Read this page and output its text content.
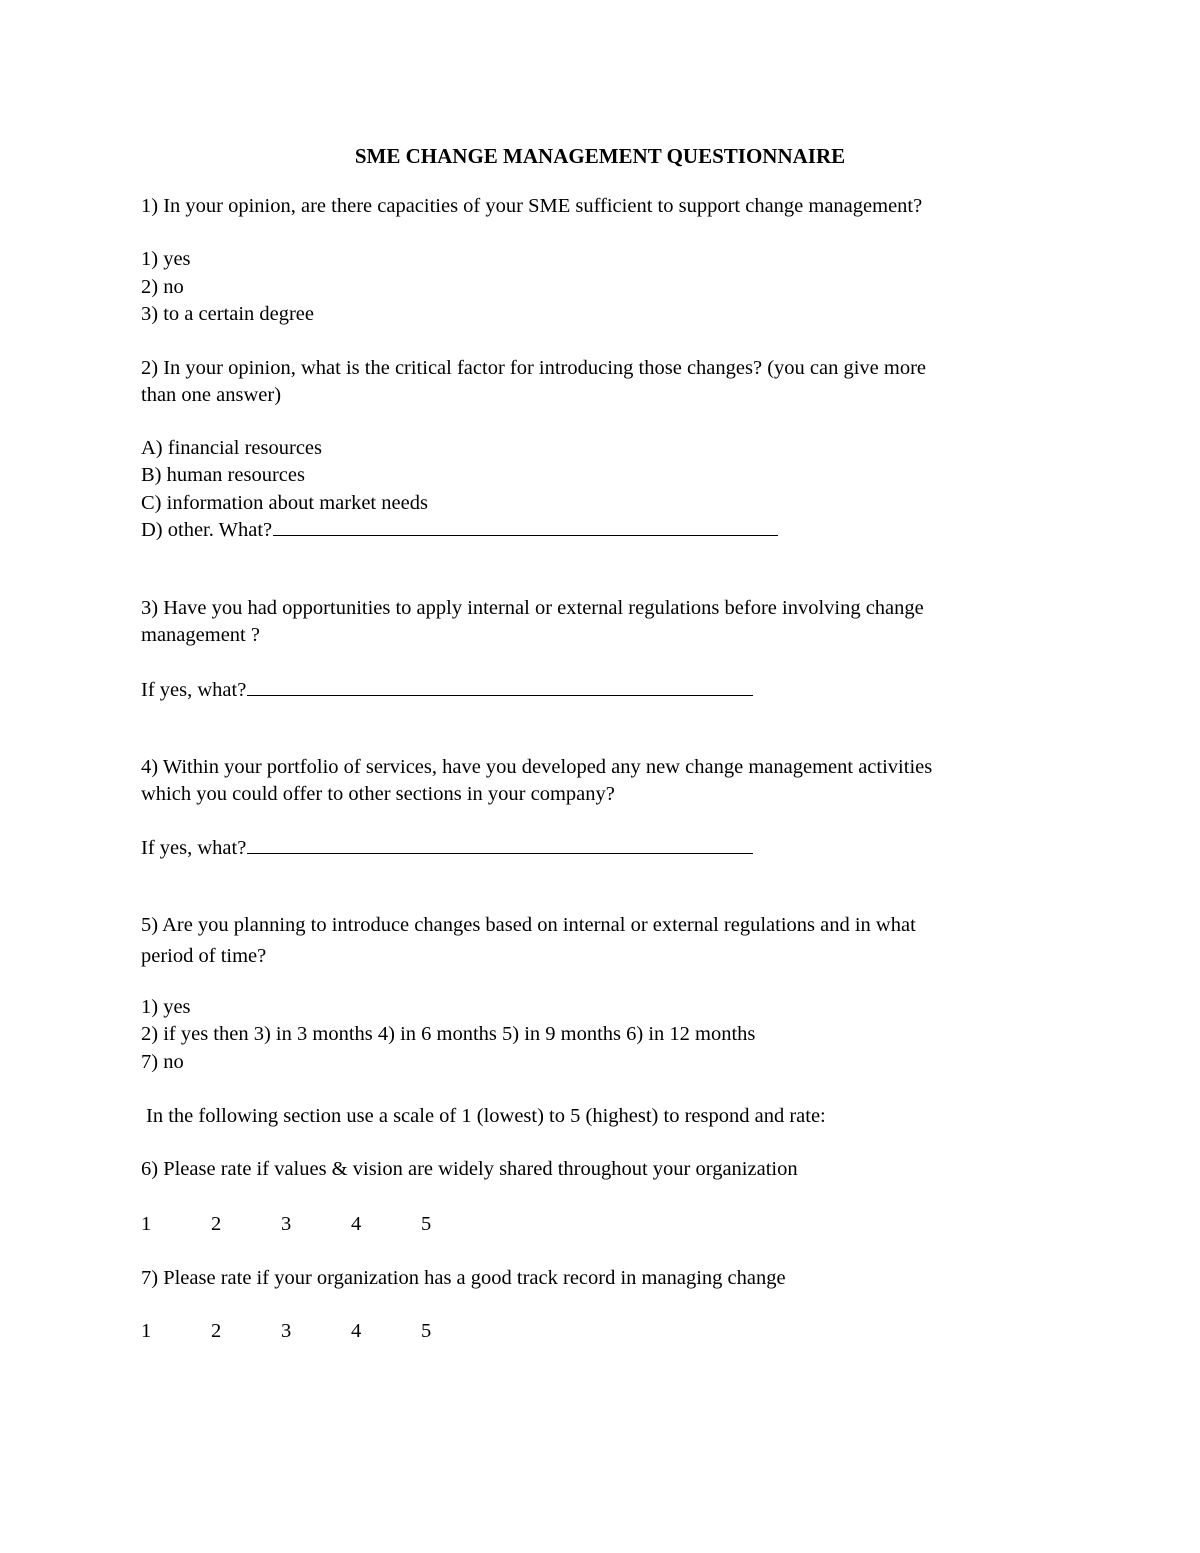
SME CHANGE MANAGEMENT QUESTIONNAIRE
1) In your opinion, are there capacities of your SME sufficient to support change management?
1) yes
2) no
3) to a certain degree
2) In your opinion, what is the critical factor for introducing those changes? (you can give more
than one answer)
A) financial resources
B) human resources
C) information about market needs
D) other. What?
3) Have you had opportunities to apply internal or external regulations before involving change
management ?
If yes, what?
4) Within your portfolio of services, have you developed any new change management activities
which you could offer to other sections in your company?
If yes, what?
5) Are you planning to introduce changes based on internal or external regulations and in what
period of time?
1) yes
2) if yes then 3) in 3 months 4) in 6 months 5) in 9 months 6) in 12 months
7) no
In the following section use a scale of 1 (lowest) to 5 (highest) to respond and rate:
6) Please rate if values & vision are widely shared throughout your organization
1	2	3	4	5
7) Please rate if your organization has a good track record in managing change
1	2	3	4	5
